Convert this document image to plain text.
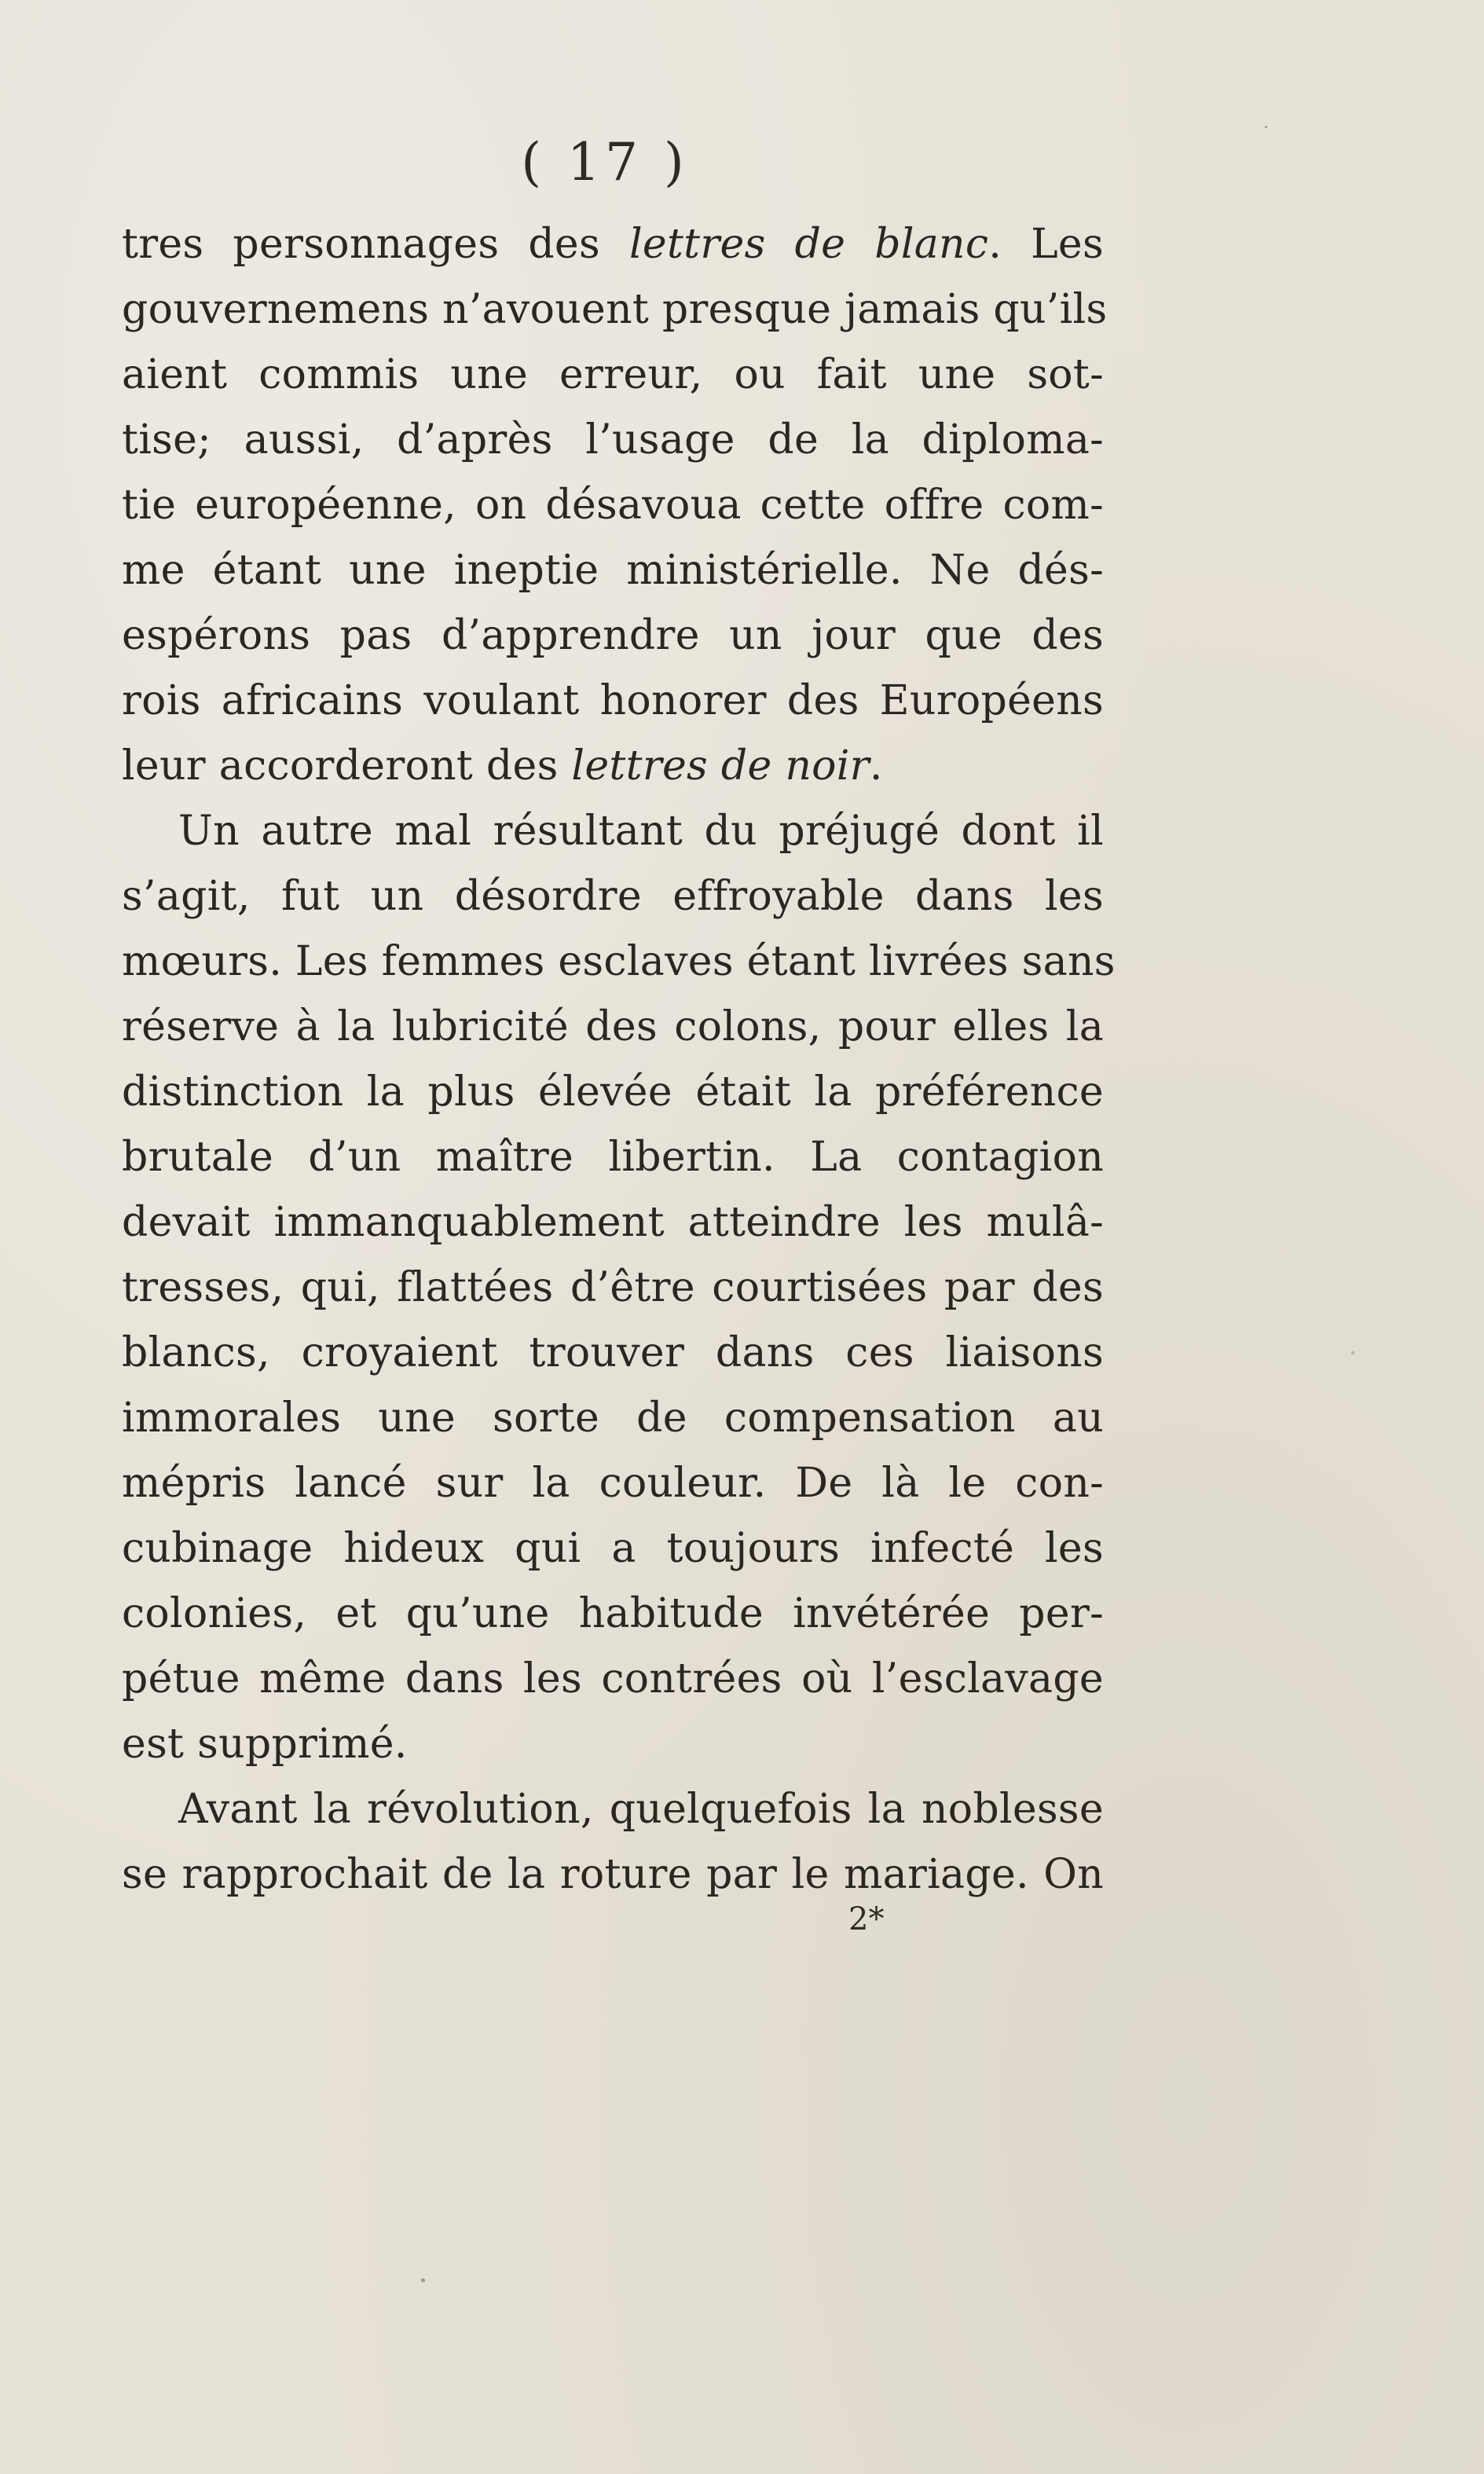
( 17 )
tres personnages des lettres de blanc. Les
gouvernemens n’avouent presque jamais qu’ils
aient commis une erreur, ou fait une sot-
tise; aussi, d’après l’usage de la diploma-
tie européenne, on désavoua cette offre com-
me étant une ineptie ministérielle. Ne dés-
espérons pas d’apprendre un jour que des
rois africains voulant honorer des Européens
leur accorderont des lettres de noir.
Un autre mal résultant du préjugé dont il
s’agit, fut un désordre effroyable dans les
mœurs. Les femmes esclaves étant livrées sans
réserve à la lubricité des colons, pour elles la
distinction la plus élevée était la préférence
brutale d’un maître libertin. La contagion
devait immanquablement atteindre les mulâ-
tresses, qui, flattées d’être courtisées par des
blancs, croyaient trouver dans ces liaisons
immorales une sorte de compensation au
mépris lancé sur la couleur. De là le con-
cubinage hideux qui a toujours infecté les
colonies, et qu’une habitude invétérée per-
pétue même dans les contrées où l’esclavage
est supprimé.
Avant la révolution, quelquefois la noblesse
se rapprochait de la roture par le mariage. On
2*
